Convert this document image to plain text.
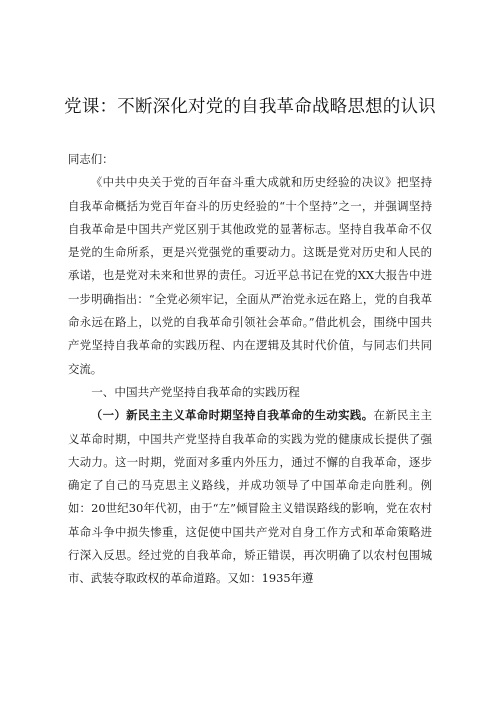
党课：不断深化对党的自我革命战略思想的认识

同志们：

《中共中央关于党的百年奋斗重大成就和历史经验的决议》把坚持自我革命概括为党百年奋斗的历史经验的“十个坚持”之一，并强调坚持自我革命是中国共产党区别于其他政党的显著标志。坚持自我革命不仅是党的生命所系，更是兴党强党的重要动力。这既是党对历史和人民的承诺，也是党对未来和世界的责任。习近平总书记在党的XX大报告中进一步明确指出：“全党必须牢记，全面从严治党永远在路上，党的自我革命永远在路上，以党的自我革命引领社会革命。”借此机会，围绕中国共产党坚持自我革命的实践历程、内在逻辑及其时代价值，与同志们共同交流。

一、中国共产党坚持自我革命的实践历程

（一）新民主主义革命时期坚持自我革命的生动实践。在新民主主义革命时期，中国共产党坚持自我革命的实践为党的健康成长提供了强大动力。这一时期，党面对多重内外压力，通过不懈的自我革命，逐步确定了自己的马克思主义路线，并成功领导了中国革命走向胜利。例如：20世纪30年代初，由于“左”倾冒险主义错误路线的影响，党在农村革命斗争中损失惨重，这促使中国共产党对自身工作方式和革命策略进行深入反思。经过党的自我革命，矫正错误，再次明确了以农村包围城市、武装夺取政权的革命道路。又如：1935年遵
